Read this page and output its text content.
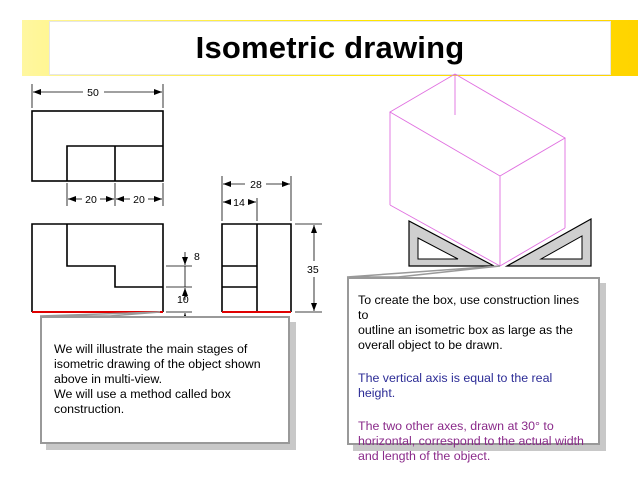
Isometric drawing
50
20	20
8
10
28
14
35

We will illustrate the main stages of

isometric drawing of the object shown

above in multi-view.

We will use a method called box

construction.

To create the box, use construction lines to

outline an isometric box as large as the

overall object to be drawn.

The vertical axis is equal to the real height.

The two other axes, drawn at 30° to

horizontal, correspond to the actual width

and length of the object.
